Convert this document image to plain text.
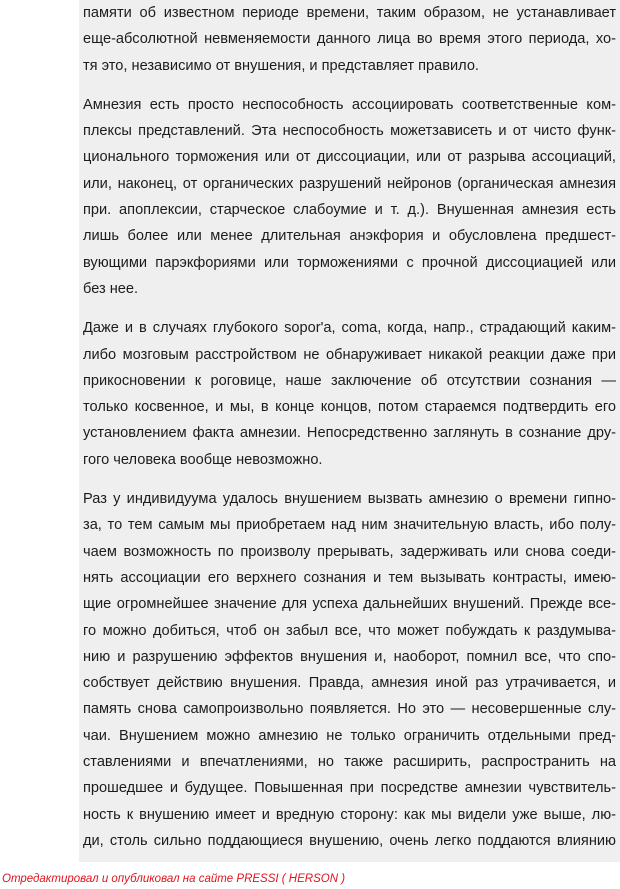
памяти об известном периоде времени, таким образом, не устанавливает
еще-абсолютной невменяемости данного лица во время этого периода, хо-
тя это, независимо от внушения, и представляет правило.

Амнезия есть просто неспособность ассоциировать соответственные ком-
плексы представлений. Эта неспособность можетзависеть и от чисто функ-
ционального торможения или от диссоциации, или от разрыва ассоциаций,
или, наконец, от органических разрушений нейронов (органическая амнезия
при. апоплексии, старческое слабоумие и т. д.). Внушенная амнезия есть
лишь более или менее длительная анэкфория и обусловлена предшест-
вующими парэкфориями или торможениями с прочной диссоциацией или
без нее.

Даже и в случаях глубокого sopor'a, coma, когда, напр., страдающий каким-
либо мозговым расстройством не обнаруживает никакой реакции даже при
прикосновении к роговице, наше заключение об отсутствии сознания —
только косвенное, и мы, в конце концов, потом стараемся подтвердить его
установлением факта амнезии. Непосредственно заглянуть в сознание дру-
гого человека вообще невозможно.

Раз у индивидуума удалось внушением вызвать амнезию о времени гипно-
за, то тем самым мы приобретаем над ним значительную власть, ибо полу-
чаем возможность по произволу прерывать, задерживать или снова соеди-
нять ассоциации его верхнего сознания и тем вызывать контрасты, имею-
щие огромнейшее значение для успеха дальнейших внушений. Прежде все-
го можно добиться, чтоб он забыл все, что может побуждать к раздумыва-
нию и разрушению эффектов внушения и, наоборот, помнил все, что спо-
собствует действию внушения. Правда, амнезия иной раз утрачивается, и
память снова самопроизвольно появляется. Но это — несовершенные слу-
чаи. Внушением можно амнезию не только ограничить отдельными пред-
ставлениями и впечатлениями, но также расширить, распространить на
прошедшее и будущее. Повышенная при посредстве амнезии чувствитель-
ность к внушению имеет и вредную сторону: как мы видели уже выше, лю-
ди, столь сильно поддающиеся внушению, очень легко поддаются влиянию

Отредактировал и опубликовал на сайте PRESSI ( HERSON )
